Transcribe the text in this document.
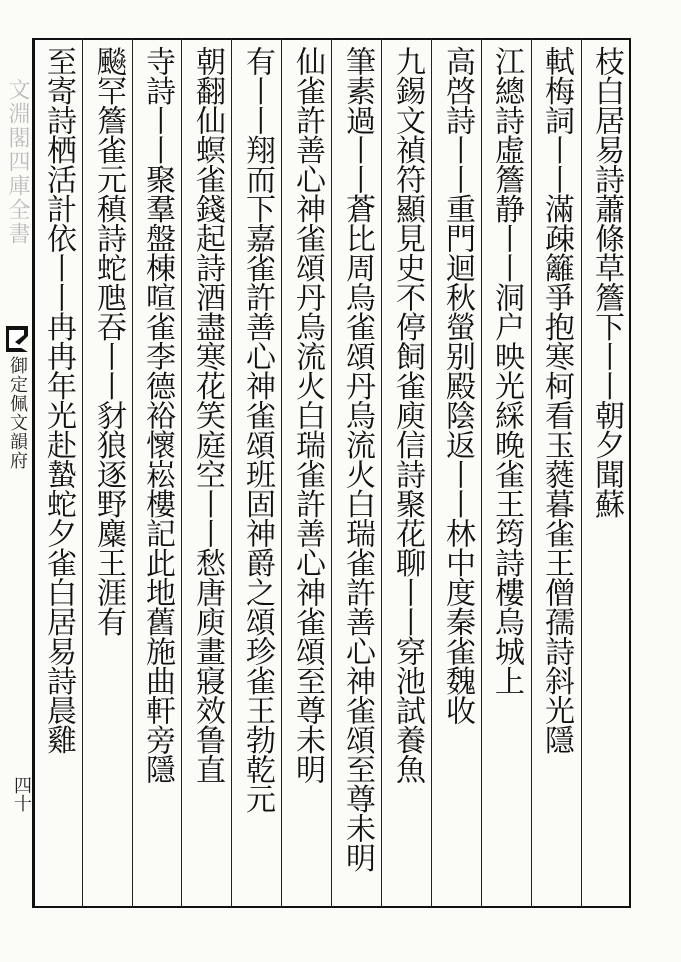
文淵閣四庫全書
御定佩文韻府
四十
枝白居易詩蕭條草簷下丨丨朝夕聞蘇
軾梅詞丨丨滿疎籬爭抱寒柯看玉蕤暮雀王僧孺詩斜光隱
江總詩虛簷静丨丨洞户映光綵晚雀王筠詩樓烏城上
高啓詩丨丨重門迴秋螢别殿陰返丨丨林中度秦雀魏收
九錫文禎符顯見史不停飼雀庾信詩聚花聊丨丨穿池試養魚
筆素過丨丨蒼比周烏雀頌丹烏流火白瑞雀許善心神雀頌至尊未明
仙雀許善心神雀頌丹烏流火白瑞雀許善心神雀頌至尊未明
有丨丨翔而下嘉雀許善心神雀頌班固神爵之頌珍雀王勃乾元
朝翻仙螟雀錢起詩酒盡寒花笑庭空丨丨愁唐庾畫寢效鲁直
寺詩丨丨聚羣盤棟喧雀李德裕懷崧樓記此地舊施曲軒旁隱
飈罕簷雀元稹詩蛇虺吞丨丨豺狼逐野麋王涯有
至寄詩栖活計依丨丨冉冉年光赴蟄蛇夕雀白居易詩晨雞
